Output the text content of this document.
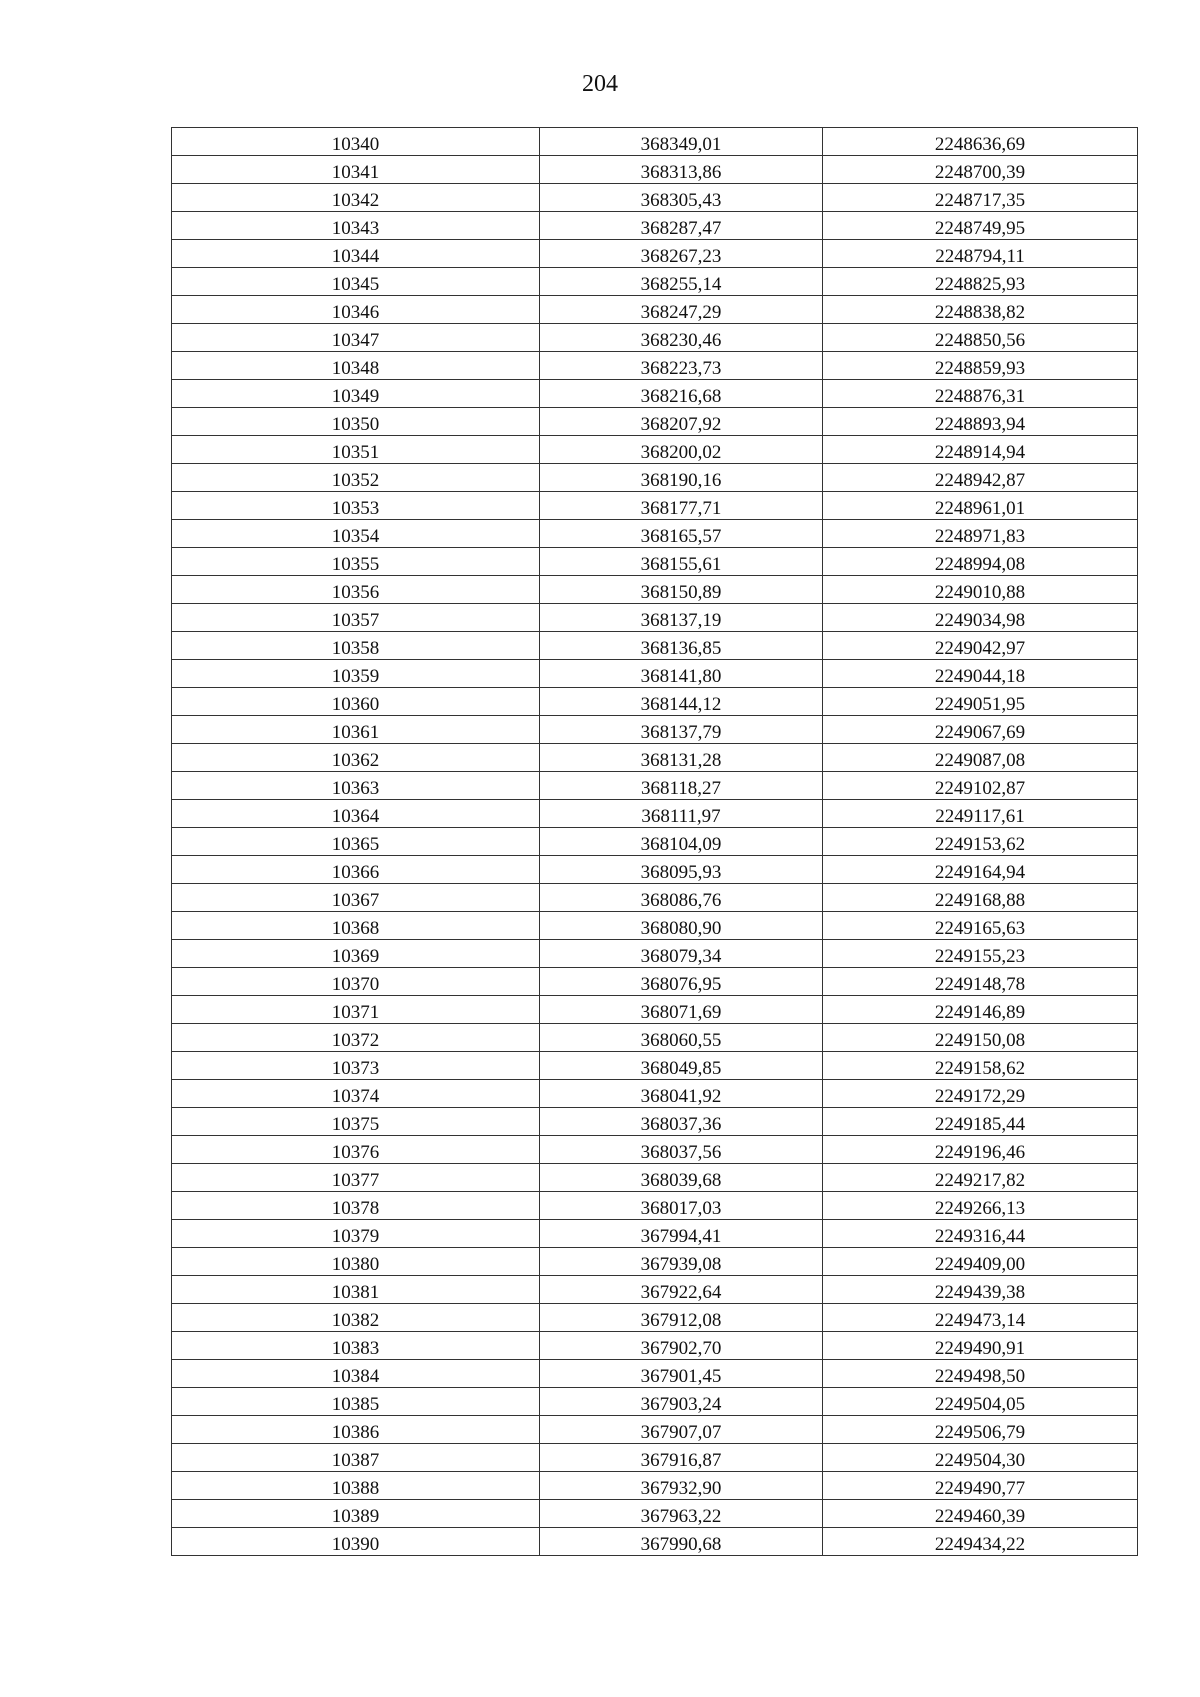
204
10340	368349,01	2248636,69
10341	368313,86	2248700,39
10342	368305,43	2248717,35
10343	368287,47	2248749,95
10344	368267,23	2248794,11
10345	368255,14	2248825,93
10346	368247,29	2248838,82
10347	368230,46	2248850,56
10348	368223,73	2248859,93
10349	368216,68	2248876,31
10350	368207,92	2248893,94
10351	368200,02	2248914,94
10352	368190,16	2248942,87
10353	368177,71	2248961,01
10354	368165,57	2248971,83
10355	368155,61	2248994,08
10356	368150,89	2249010,88
10357	368137,19	2249034,98
10358	368136,85	2249042,97
10359	368141,80	2249044,18
10360	368144,12	2249051,95
10361	368137,79	2249067,69
10362	368131,28	2249087,08
10363	368118,27	2249102,87
10364	368111,97	2249117,61
10365	368104,09	2249153,62
10366	368095,93	2249164,94
10367	368086,76	2249168,88
10368	368080,90	2249165,63
10369	368079,34	2249155,23
10370	368076,95	2249148,78
10371	368071,69	2249146,89
10372	368060,55	2249150,08
10373	368049,85	2249158,62
10374	368041,92	2249172,29
10375	368037,36	2249185,44
10376	368037,56	2249196,46
10377	368039,68	2249217,82
10378	368017,03	2249266,13
10379	367994,41	2249316,44
10380	367939,08	2249409,00
10381	367922,64	2249439,38
10382	367912,08	2249473,14
10383	367902,70	2249490,91
10384	367901,45	2249498,50
10385	367903,24	2249504,05
10386	367907,07	2249506,79
10387	367916,87	2249504,30
10388	367932,90	2249490,77
10389	367963,22	2249460,39
10390	367990,68	2249434,22
